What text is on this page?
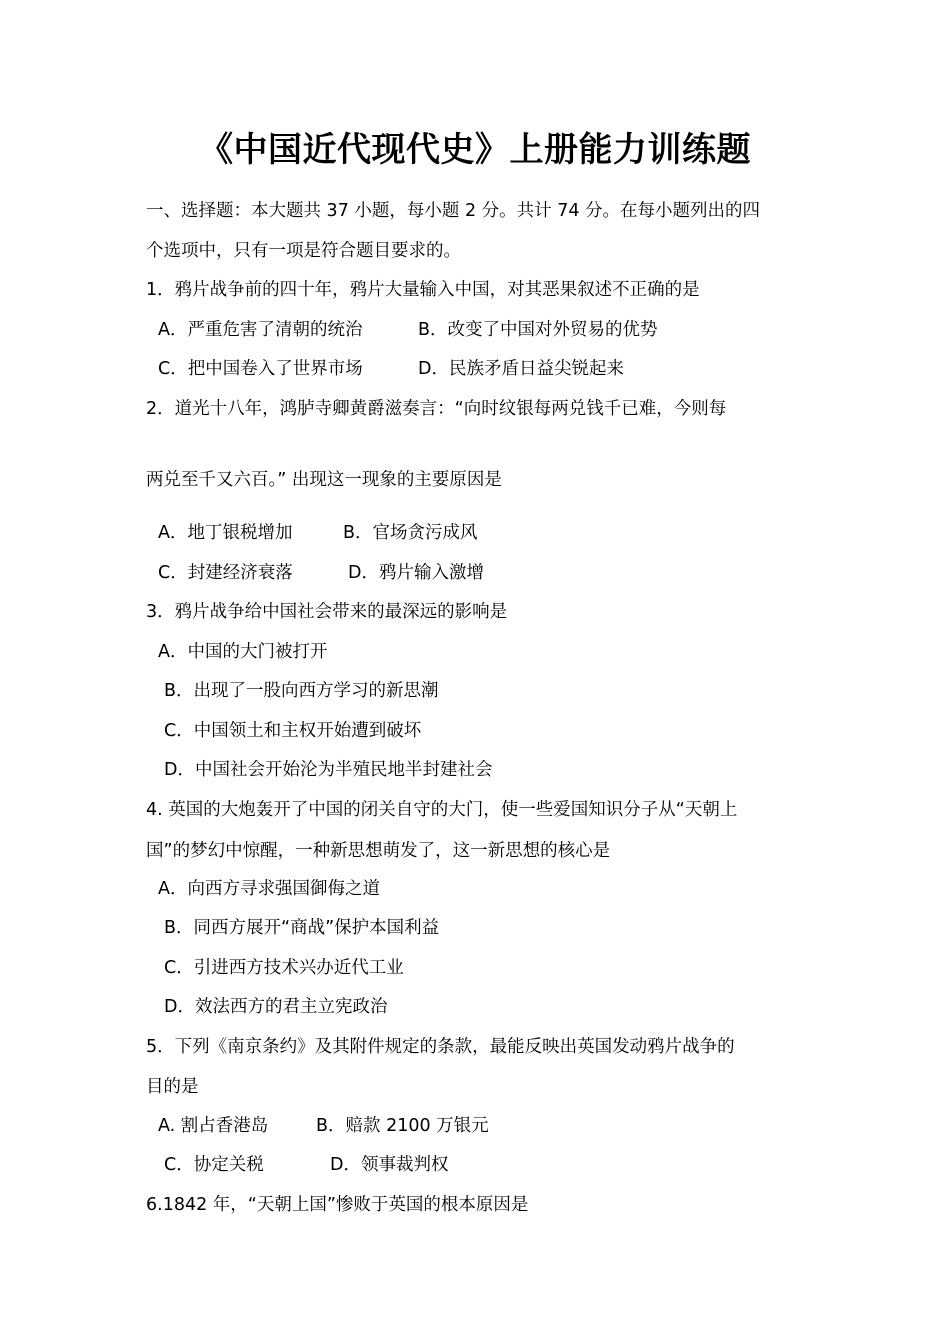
《中国近代现代史》上册能力训练题
一、选择题：本大题共 37 小题，每小题 2 分。共计 74 分。在每小题列出的四
个选项中，只有一项是符合题目要求的。
1．鸦片战争前的四十年，鸦片大量输入中国，对其恶果叙述不正确的是
A．严重危害了清朝的统治	B．改变了中国对外贸易的优势
C．把中国卷入了世界市场	D．民族矛盾日益尖锐起来
2．道光十八年，鸿胪寺卿黄爵滋奏言：“向时纹银每两兑钱千已难，今则每
两兑至千又六百。” 出现这一现象的主要原因是
A．地丁银税增加	B．官场贪污成风
C．封建经济衰落	D．鸦片输入激增
3．鸦片战争给中国社会带来的最深远的影响是
A．中国的大门被打开
B．出现了一股向西方学习的新思潮
C．中国领土和主权开始遭到破坏
D．中国社会开始沦为半殖民地半封建社会
4. 英国的大炮轰开了中国的闭关自守的大门，使一些爱国知识分子从“天朝上
国”的梦幻中惊醒，一种新思想萌发了，这一新思想的核心是
A．向西方寻求强国御侮之道
B．同西方展开“商战”保护本国利益
C．引进西方技术兴办近代工业
D．效法西方的君主立宪政治
5．下列《南京条约》及其附件规定的条款，最能反映出英国发动鸦片战争的
目的是
A. 割占香港岛	B．赔款 2100 万银元
C．协定关税	D．领事裁判权
6.1842 年，“天朝上国”惨败于英国的根本原因是
